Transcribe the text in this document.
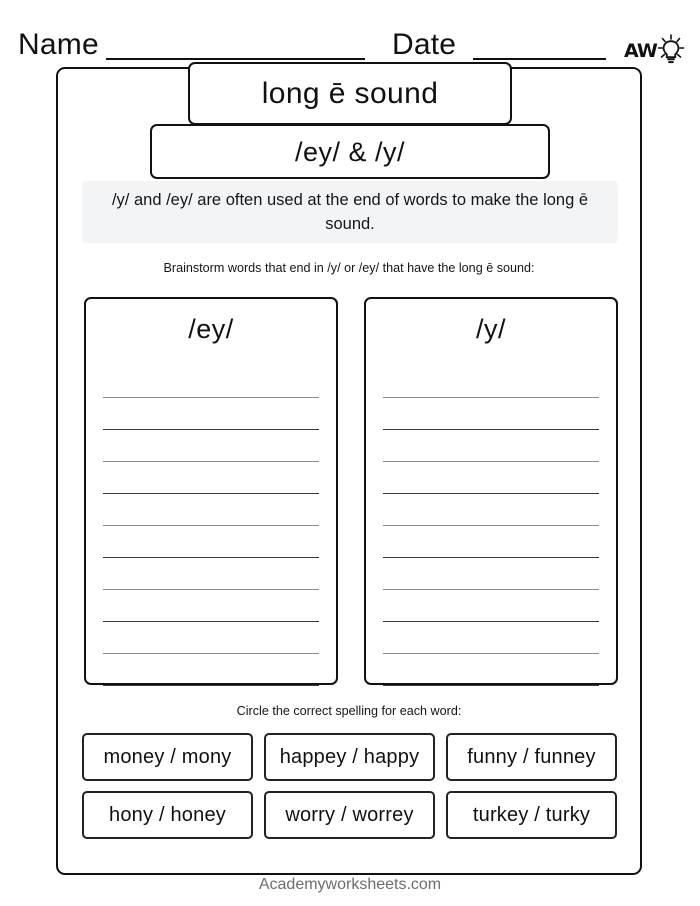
Name	Date	AW
long ē sound
/ey/ & /y/
/y/ and /ey/ are often used at the end of words to make the long ē sound.
Brainstorm words that end in /y/ or /ey/ that have the long ē sound:
/ey/	/y/
Circle the correct spelling for each word:
money / mony happey / happy funny / funney
hony / honey	worry / worrey	turkey / turky
Academyworksheets.com
